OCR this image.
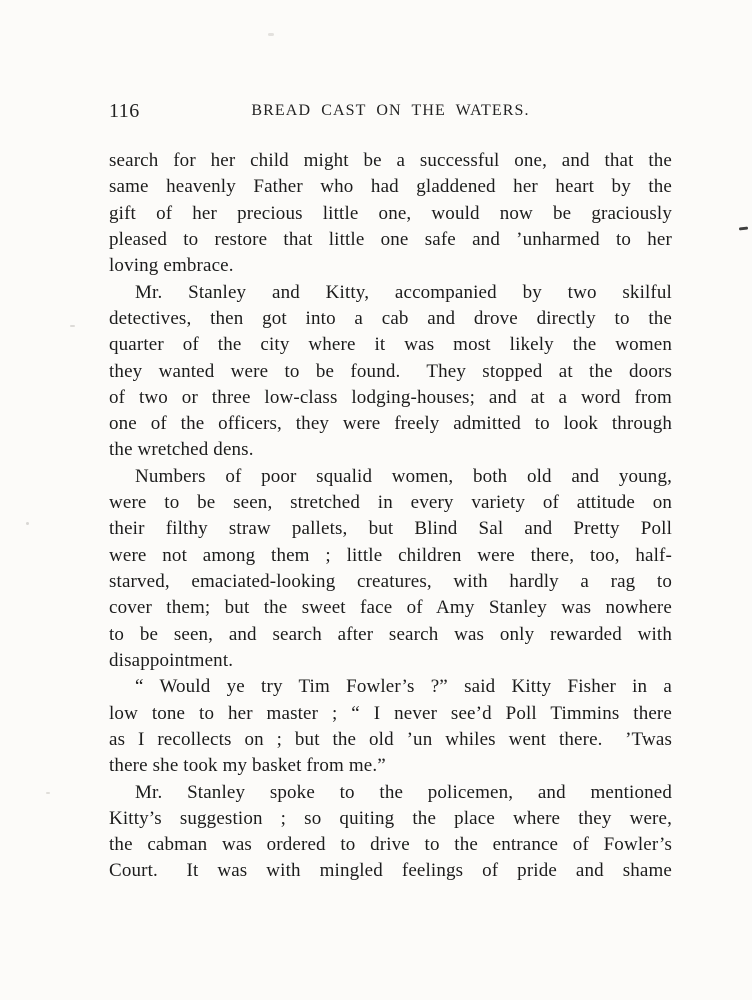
116	BREAD CAST ON THE WATERS.
search for her child might be a successful one, and that the
same heavenly Father who had gladdened her heart by the
gift of her precious little one, would now be graciously
pleased to restore that little one safe and ʼunharmed to her
loving embrace.
Mr. Stanley and Kitty, accompanied by two skilful
detectives, then got into a cab and drove directly to the
quarter of the city where it was most likely the women
they wanted were to be found.  They stopped at the doors
of two or three low-class lodging-houses; and at a word from
one of the officers, they were freely admitted to look through
the wretched dens.
Numbers of poor squalid women, both old and young,
were to be seen, stretched in every variety of attitude on
their filthy straw pallets, but Blind Sal and Pretty Poll
were not among them ; little children were there, too, half-
starved, emaciated-looking creatures, with hardly a rag to
cover them; but the sweet face of Amy Stanley was nowhere
to be seen, and search after search was only rewarded with
disappointment.
“ Would ye try Tim Fowler’s ?” said Kitty Fisher in a
low tone to her master ; “ I never see’d Poll Timmins there
as I recollects on ; but the old ’un whiles went there.  ’Twas
there she took my basket from me.”
Mr. Stanley spoke to the policemen, and mentioned
Kitty’s suggestion ; so quiting the place where they were,
the cabman was ordered to drive to the entrance of Fowler’s
Court.  It was with mingled feelings of pride and shame
